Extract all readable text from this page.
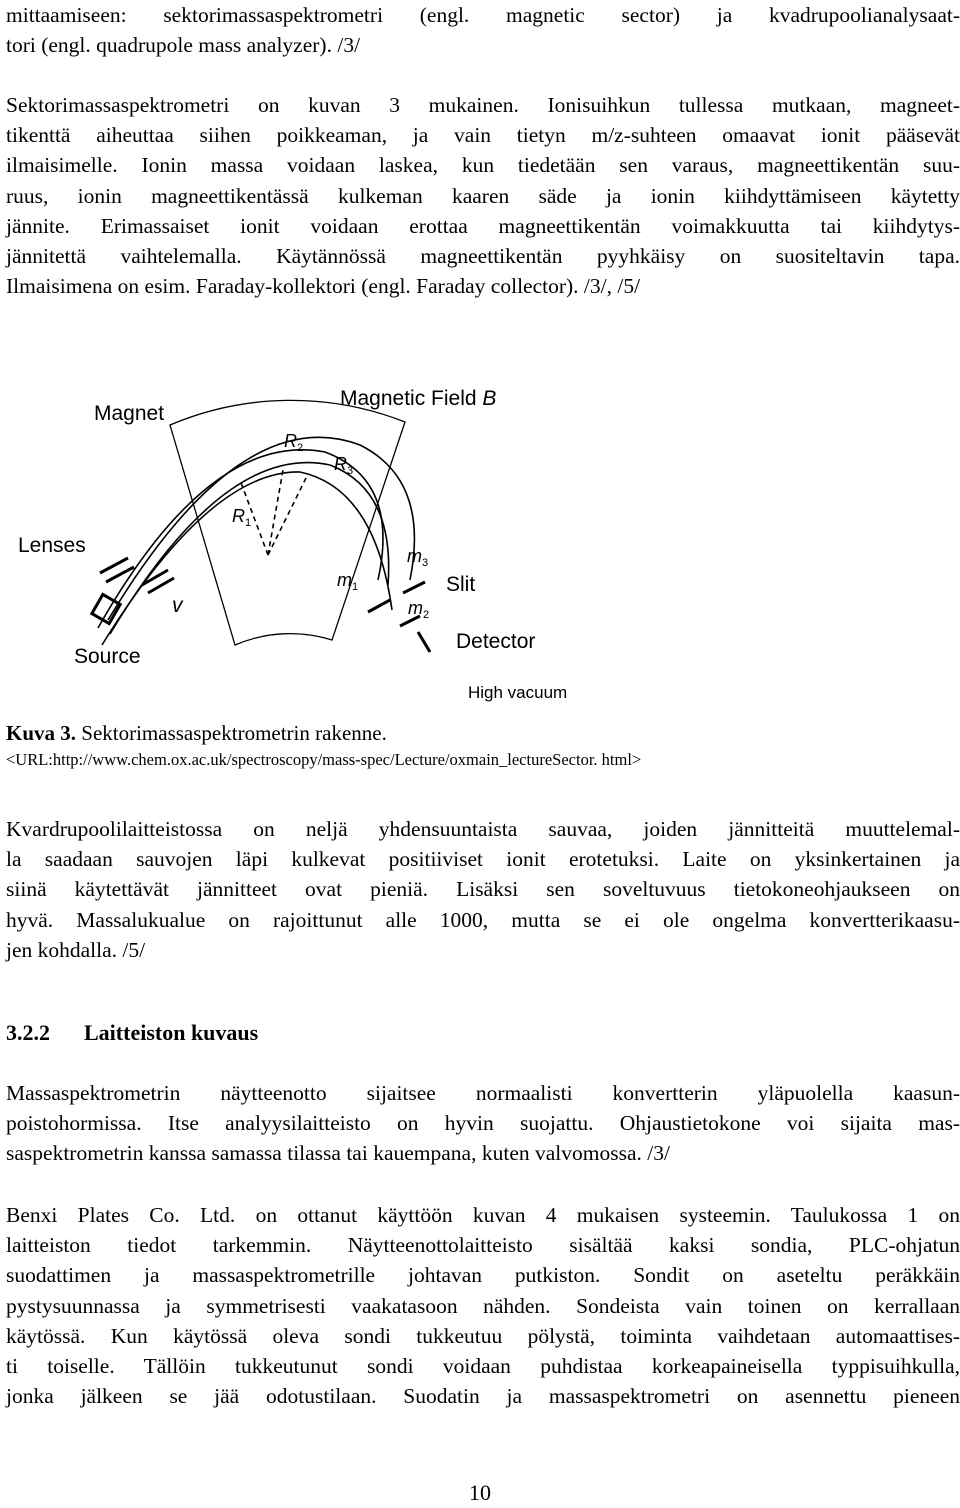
mittaamiseen: sektorimassaspektrometri (engl. magnetic sector) ja kvadrupoolianalysaat-
tori (engl. quadrupole mass analyzer). /3/
Sektorimassaspektrometri on kuvan 3 mukainen. Ionisuihkun tullessa mutkaan, magneet-
tikenttä aiheuttaa siihen poikkeaman, ja vain tietyn m/z-suhteen omaavat ionit pääsevät
ilmaisimelle. Ionin massa voidaan laskea, kun tiedetään sen varaus, magneettikentän suu-
ruus, ionin magneettikentässä kulkeman kaaren säde ja ionin kiihdyttämiseen käytetty
jännite. Erimassaiset ionit voidaan erottaa magneettikentän voimakkuutta tai kiihdytys-
jännitettä vaihtelemalla. Käytännössä magneettikentän pyyhkäisy on suositeltavin tapa.
Ilmaisimena on esim. Faraday-kollektori (engl. Faraday collector). /3/, /5/
Magnet
Magnetic Field B
Lenses
Source
v
$R_2$
$R_3$
$R_1$
$m_3$
$m_1$
$m_2$
Slit
Detector
High vacuum
Kuva 3. Sektorimassaspektrometrin rakenne.
<URL:http://www.chem.ox.ac.uk/spectroscopy/mass-spec/Lecture/oxmain_lectureSector. html>
Kvardrupoolilaitteistossa on neljä yhdensuuntaista sauvaa, joiden jännitteitä muuttelemal-
la saadaan sauvojen läpi kulkevat positiiviset ionit erotetuksi. Laite on yksinkertainen ja
siinä käytettävät jännitteet ovat pieniä. Lisäksi sen soveltuvuus tietokoneohjaukseen on
hyvä. Massalukualue on rajoittunut alle 1000, mutta se ei ole ongelma konvertterikaasu-
jen kohdalla. /5/
3.2.2 Laitteiston kuvaus
Massaspektrometrin näytteenotto sijaitsee normaalisti konvertterin yläpuolella kaasun-
poistohormissa. Itse analyysilaitteisto on hyvin suojattu. Ohjaustietokone voi sijaita mas-
saspektrometrin kanssa samassa tilassa tai kauempana, kuten valvomossa. /3/
Benxi Plates Co. Ltd. on ottanut käyttöön kuvan 4 mukaisen systeemin. Taulukossa 1 on
laitteiston tiedot tarkemmin. Näytteenottolaitteisto sisältää kaksi sondia, PLC-ohjatun
suodattimen ja massaspektrometrille johtavan putkiston. Sondit on aseteltu peräkkäin
pystysuunnassa ja symmetrisesti vaakatasoon nähden. Sondeista vain toinen on kerrallaan
käytössä. Kun käytössä oleva sondi tukkeutuu pölystä, toiminta vaihdetaan automaattises-
ti toiselle. Tällöin tukkeutunut sondi voidaan puhdistaa korkeapaineisella typpisuihkulla,
jonka jälkeen se jää odotustilaan. Suodatin ja massaspektrometri on asennettu pieneen
10
